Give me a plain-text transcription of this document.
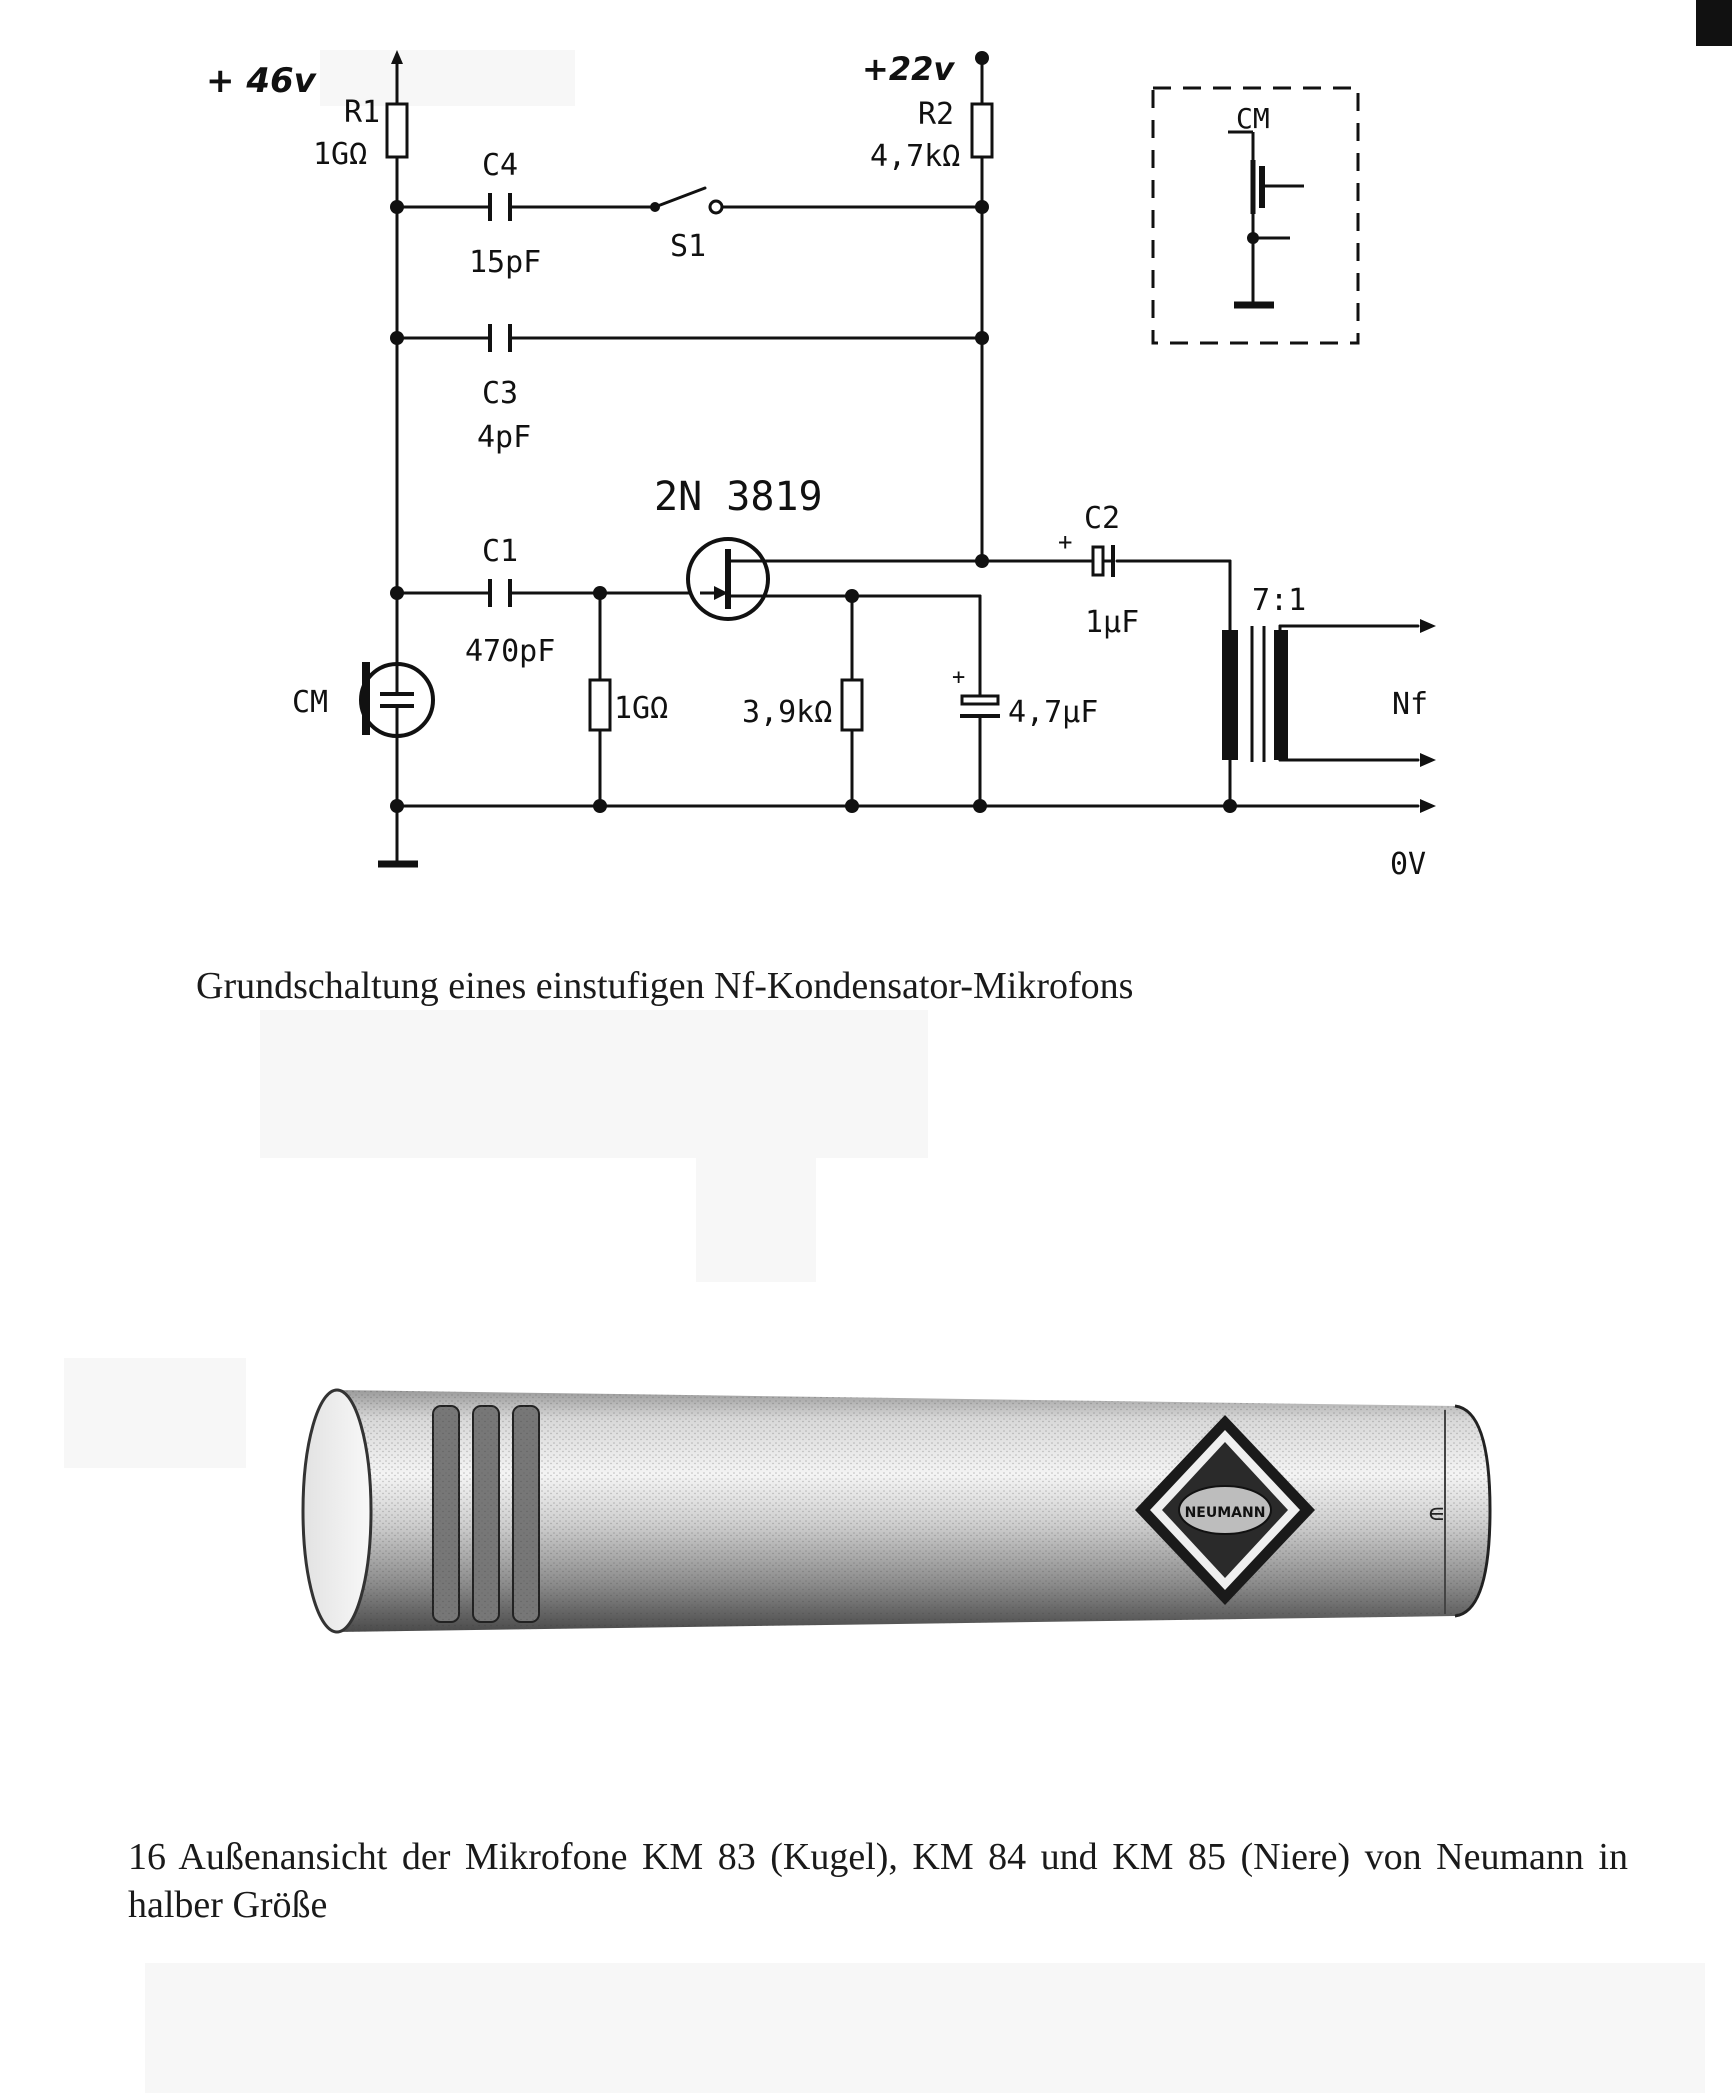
+ 46v	+22v
R1
1GΩ
R2
4,7kΩ
C4
15pF	S1
C3
4pF
C1
470pF
2N 3819	C2
+
1µF
7:1
CM	1GΩ 3,9kΩ	4,7µF
+
Nf
0V
CM

Grundschaltung eines einstufigen Nf-Kondensator-Mikrofons

∊
NEUMANN

16 Außenansicht der Mikrofone KM 83 (Kugel), KM 84 und KM 85 (Niere) von Neumann in halber Größe
